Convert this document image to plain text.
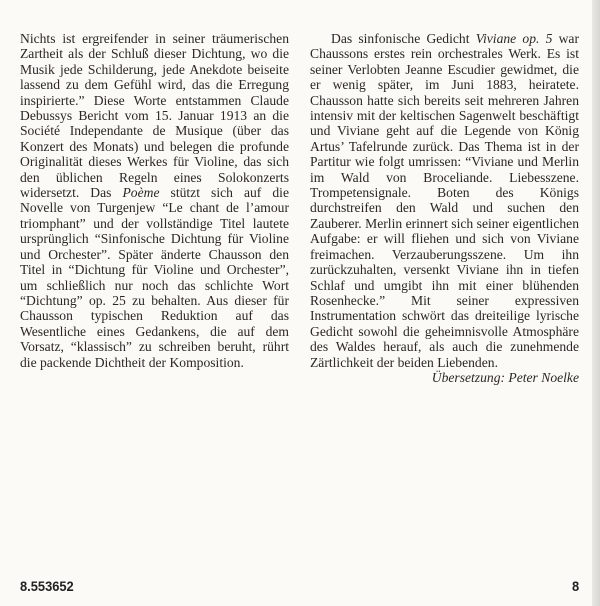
Nichts ist ergreifender in seiner träumerischen Zartheit als der Schluß dieser Dichtung, wo die Musik jede Schilderung, jede Anekdote beiseite lassend zu dem Gefühl wird, das die Erregung inspirierte.” Diese Worte entstammen Claude Debussys Bericht vom 15. Januar 1913 an die Société Independante de Musique (über das Konzert des Monats) und belegen die profunde Originalität dieses Werkes für Violine, das sich den üblichen Regeln eines Solokonzerts widersetzt. Das Poème stützt sich auf die Novelle von Turgenjew “Le chant de l’amour triomphant” und der vollständige Titel lautete ursprünglich “Sinfonische Dichtung für Violine und Orchester”. Später änderte Chausson den Titel in “Dichtung für Violine und Orchester”, um schließlich nur noch das schlichte Wort “Dichtung” op. 25 zu behalten. Aus dieser für Chausson typischen Reduktion auf das Wesentliche eines Gedankens, die auf dem Vorsatz, “klassisch” zu schreiben beruht, rührt die packende Dichtheit der Komposition.

Das sinfonische Gedicht Viviane op. 5 war Chaussons erstes rein orchestrales Werk. Es ist seiner Verlobten Jeanne Escudier gewidmet, die er wenig später, im Juni 1883, heiratete. Chausson hatte sich bereits seit mehreren Jahren intensiv mit der keltischen Sagenwelt beschäftigt und Viviane geht auf die Legende von König Artus’ Tafelrunde zurück. Das Thema ist in der Partitur wie folgt umrissen: “Viviane und Merlin im Wald von Broceliande. Liebesszene. Trompetensignale. Boten des Königs durchstreifen den Wald und suchen den Zauberer. Merlin erinnert sich seiner eigentlichen Aufgabe: er will fliehen und sich von Viviane freimachen. Verzauberungsszene. Um ihn zurückzuhalten, versenkt Viviane ihn in tiefen Schlaf und umgibt ihn mit einer blühenden Rosenhecke.” Mit seiner expressiven Instrumentation schwört das dreiteilige lyrische Gedicht sowohl die geheimnisvolle Atmosphäre des Waldes herauf, als auch die zunehmende Zärtlichkeit der beiden Liebenden.

Übersetzung: Peter Noelke

8.553652	8
